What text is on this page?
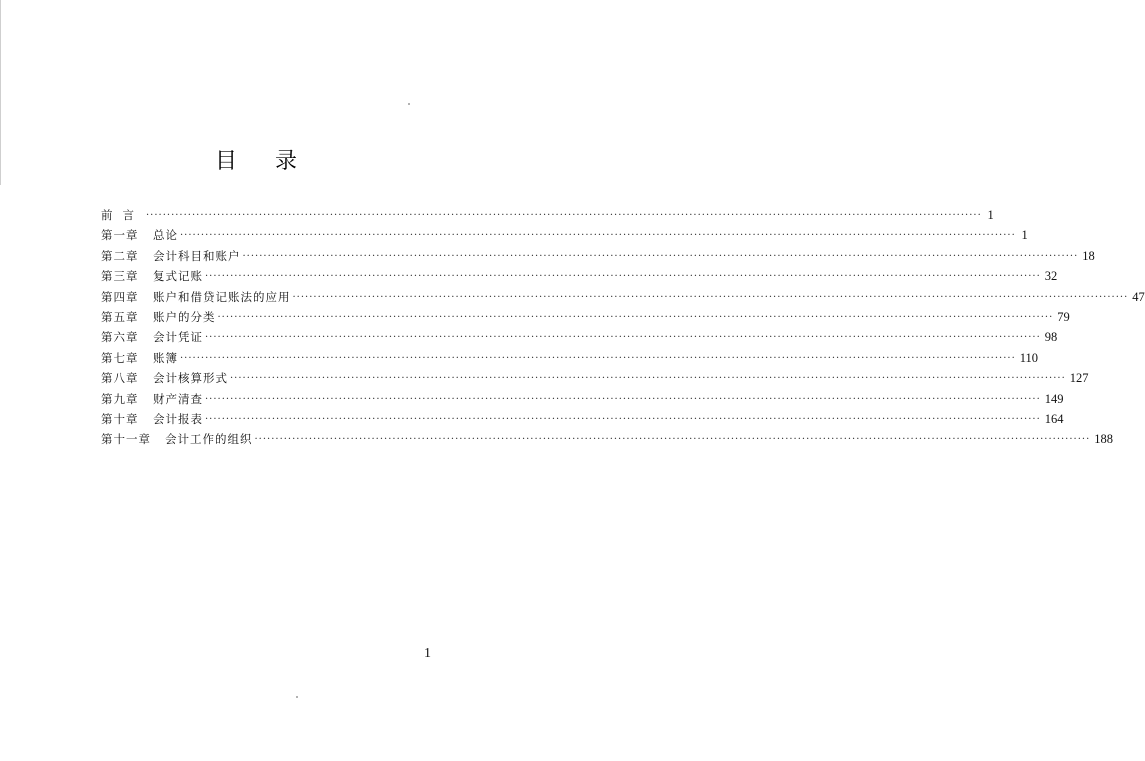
目 录
前言 ········································································································································································································ 1
第一章	总论 ········································································································································································································ 1
第二章	会计科目和账户 ········································································································································································································ 18
第三章	复式记账 ········································································································································································································ 32
第四章	账户和借贷记账法的应用 ········································································································································································································ 47
第五章	账户的分类 ········································································································································································································ 79
第六章	会计凭证 ········································································································································································································ 98
第七章	账簿 ········································································································································································································ 110
第八章	会计核算形式 ········································································································································································································ 127
第九章	财产清查 ········································································································································································································ 149
第十章	会计报表 ········································································································································································································ 164
第十一章	会计工作的组织 ········································································································································································································ 188
1
